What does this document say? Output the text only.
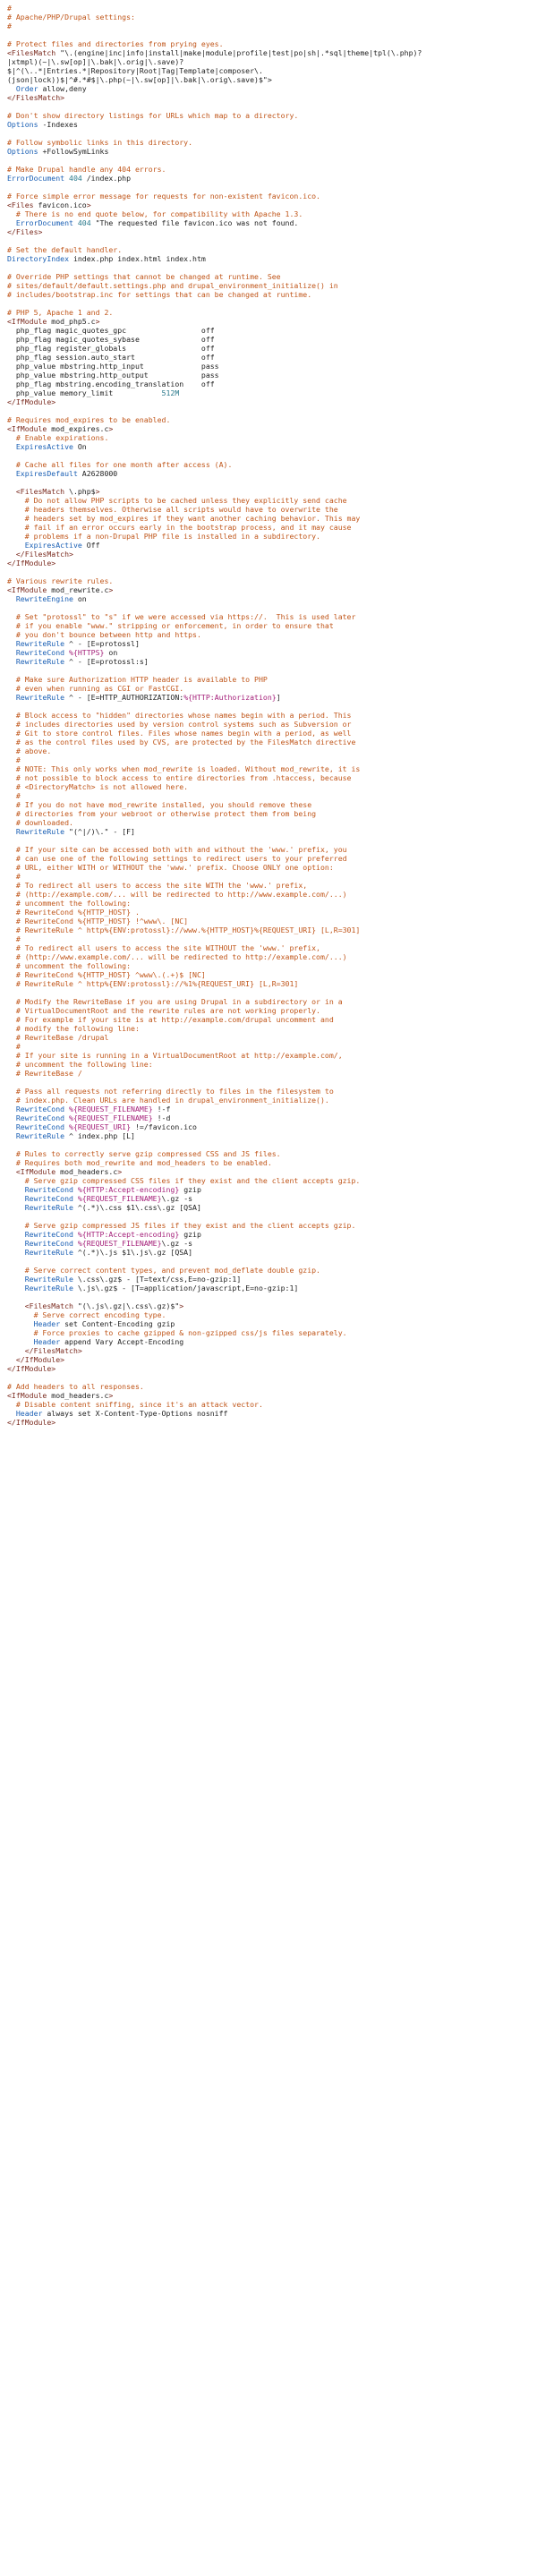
#
# Apache/PHP/Drupal settings:
#

# Protect files and directories from prying eyes.
<FilesMatch "\.(engine|inc|info|install|make|module|profile|test|po|sh|.*sql|theme|tpl(\.php)?
|xtmpl)(~|\.sw[op]|\.bak|\.orig|\.save)?
$|^(\..*|Entries.*|Repository|Root|Tag|Template|composer\.
(json|lock))$|^#.*#$|\.php(~|\.sw[op]|\.bak|\.orig\.save)$">
Order allow,deny
</FilesMatch>

# Don't show directory listings for URLs which map to a directory.
Options -Indexes

# Follow symbolic links in this directory.
Options +FollowSymLinks

# Make Drupal handle any 404 errors.
ErrorDocument 404 /index.php

# Force simple error message for requests for non-existent favicon.ico.
<Files favicon.ico>
# There is no end quote below, for compatibility with Apache 1.3.
ErrorDocument 404 "The requested file favicon.ico was not found.
</Files>

# Set the default handler.
DirectoryIndex index.php index.html index.htm

# Override PHP settings that cannot be changed at runtime. See
# sites/default/default.settings.php and drupal_environment_initialize() in
# includes/bootstrap.inc for settings that can be changed at runtime.

# PHP 5, Apache 1 and 2.
<IfModule mod_php5.c>
php_flag magic_quotes_gpc                 off
php_flag magic_quotes_sybase              off
php_flag register_globals                 off
php_flag session.auto_start               off
php_value mbstring.http_input             pass
php_value mbstring.http_output            pass
php_flag mbstring.encoding_translation    off
php_value memory_limit           512M
</IfModule>

# Requires mod_expires to be enabled.
<IfModule mod_expires.c>
# Enable expirations.
ExpiresActive On

# Cache all files for one month after access (A).
ExpiresDefault A2628000

<FilesMatch \.php$>
# Do not allow PHP scripts to be cached unless they explicitly send cache
# headers themselves. Otherwise all scripts would have to overwrite the
# headers set by mod_expires if they want another caching behavior. This may
# fail if an error occurs early in the bootstrap process, and it may cause
# problems if a non-Drupal PHP file is installed in a subdirectory.
ExpiresActive Off
</FilesMatch>
</IfModule>

# Various rewrite rules.
<IfModule mod_rewrite.c>
RewriteEngine on

# Set "protossl" to "s" if we were accessed via https://.  This is used later
# if you enable "www." stripping or enforcement, in order to ensure that
# you don't bounce between http and https.
RewriteRule ^ - [E=protossl]
RewriteCond %{HTTPS} on
RewriteRule ^ - [E=protossl:s]

# Make sure Authorization HTTP header is available to PHP
# even when running as CGI or FastCGI.
RewriteRule ^ - [E=HTTP_AUTHORIZATION:%{HTTP:Authorization}]

# Block access to "hidden" directories whose names begin with a period. This
# includes directories used by version control systems such as Subversion or
# Git to store control files. Files whose names begin with a period, as well
# as the control files used by CVS, are protected by the FilesMatch directive
# above.
#
# NOTE: This only works when mod_rewrite is loaded. Without mod_rewrite, it is
# not possible to block access to entire directories from .htaccess, because
# <DirectoryMatch> is not allowed here.
#
# If you do not have mod_rewrite installed, you should remove these
# directories from your webroot or otherwise protect them from being
# downloaded.
RewriteRule "(^|/)\." - [F]

# If your site can be accessed both with and without the 'www.' prefix, you
# can use one of the following settings to redirect users to your preferred
# URL, either WITH or WITHOUT the 'www.' prefix. Choose ONLY one option:
#
# To redirect all users to access the site WITH the 'www.' prefix,
# (http://example.com/... will be redirected to http://www.example.com/...)
# uncomment the following:
# RewriteCond %{HTTP_HOST} .
# RewriteCond %{HTTP_HOST} !^www\. [NC]
# RewriteRule ^ http%{ENV:protossl}://www.%{HTTP_HOST}%{REQUEST_URI} [L,R=301]
#
# To redirect all users to access the site WITHOUT the 'www.' prefix,
# (http://www.example.com/... will be redirected to http://example.com/...)
# uncomment the following:
# RewriteCond %{HTTP_HOST} ^www\.(.+)$ [NC]
# RewriteRule ^ http%{ENV:protossl}://%1%{REQUEST_URI} [L,R=301]

# Modify the RewriteBase if you are using Drupal in a subdirectory or in a
# VirtualDocumentRoot and the rewrite rules are not working properly.
# For example if your site is at http://example.com/drupal uncomment and
# modify the following line:
# RewriteBase /drupal
#
# If your site is running in a VirtualDocumentRoot at http://example.com/,
# uncomment the following line:
# RewriteBase /

# Pass all requests not referring directly to files in the filesystem to
# index.php. Clean URLs are handled in drupal_environment_initialize().
RewriteCond %{REQUEST_FILENAME} !-f
RewriteCond %{REQUEST_FILENAME} !-d
RewriteCond %{REQUEST_URI} !=/favicon.ico
RewriteRule ^ index.php [L]

# Rules to correctly serve gzip compressed CSS and JS files.
# Requires both mod_rewrite and mod_headers to be enabled.
<IfModule mod_headers.c>
# Serve gzip compressed CSS files if they exist and the client accepts gzip.
RewriteCond %{HTTP:Accept-encoding} gzip
RewriteCond %{REQUEST_FILENAME}\.gz -s
RewriteRule ^(.*)\.css $1\.css\.gz [QSA]

# Serve gzip compressed JS files if they exist and the client accepts gzip.
RewriteCond %{HTTP:Accept-encoding} gzip
RewriteCond %{REQUEST_FILENAME}\.gz -s
RewriteRule ^(.*)\.js $1\.js\.gz [QSA]

# Serve correct content types, and prevent mod_deflate double gzip.
RewriteRule \.css\.gz$ - [T=text/css,E=no-gzip:1]
RewriteRule \.js\.gz$ - [T=application/javascript,E=no-gzip:1]

<FilesMatch "(\.js\.gz|\.css\.gz)$">
# Serve correct encoding type.
Header set Content-Encoding gzip
# Force proxies to cache gzipped & non-gzipped css/js files separately.
Header append Vary Accept-Encoding
</FilesMatch>
</IfModule>
</IfModule>

# Add headers to all responses.
<IfModule mod_headers.c>
# Disable content sniffing, since it's an attack vector.
Header always set X-Content-Type-Options nosniff
</IfModule>
